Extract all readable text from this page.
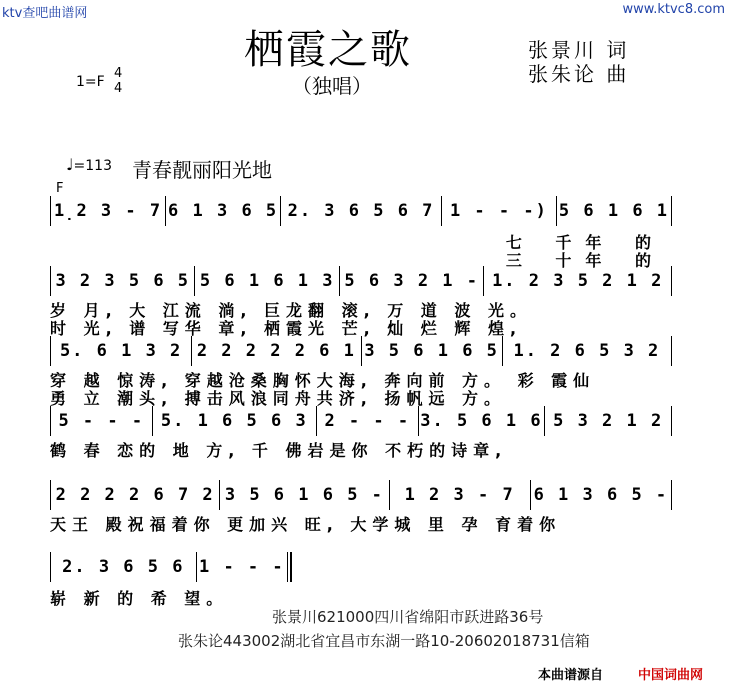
ktv查吧曲谱网	www.ktvc8.com
栖霞之歌
（独唱）
张景川 词
张朱论 曲
1=F
4
4
♩=113 青春靓丽阳光地
F
1̣2 3 - 7 6 1 3 6 5 2. 3 6 5 6 7 1 - - -) 5 6 1 6 1
七 千年 的
三 十年 的
3 2 3 5 6 5 5 6 1 6 1 3 5 6 3 2 1 - 1. 2 3 5 2 1 2
岁 月, 大 江流 淌, 巨龙翻 滚, 万 道 波 光。
时 光, 谱 写华 章, 栖霞光 芒, 灿 烂 辉 煌,
5. 6 1 3 2 2 2 2 2 2 6 1 3 5 6 1 6 5 1. 2 6 5 3 2
穿 越 惊涛, 穿越沧桑胸怀大海, 奔向前 方。 彩 霞仙
勇 立 潮头, 搏击风浪同舟共济, 扬帆远 方。
5 - - - 5. 1 6 5 6 3 2 - - - 3. 5 6 1 6 5 3 2 1 2
鹤 春 恋的 地 方, 千 佛岩是你 不朽的诗章,
2 2 2 2 6 7 2 3 5 6 1 6 5 -	1 2 3 - 7	6 1 3 6 5 -
天王 殿祝福着你 更加兴 旺, 大学城 里 孕 育着你
2. 3 6 5 6 1 - - -
崭 新 的 希 望。
张景川621000四川省绵阳市跃进路36号
张朱论443002湖北省宜昌市东湖一路10-20602018731信箱
本曲谱源自	中国词曲网
